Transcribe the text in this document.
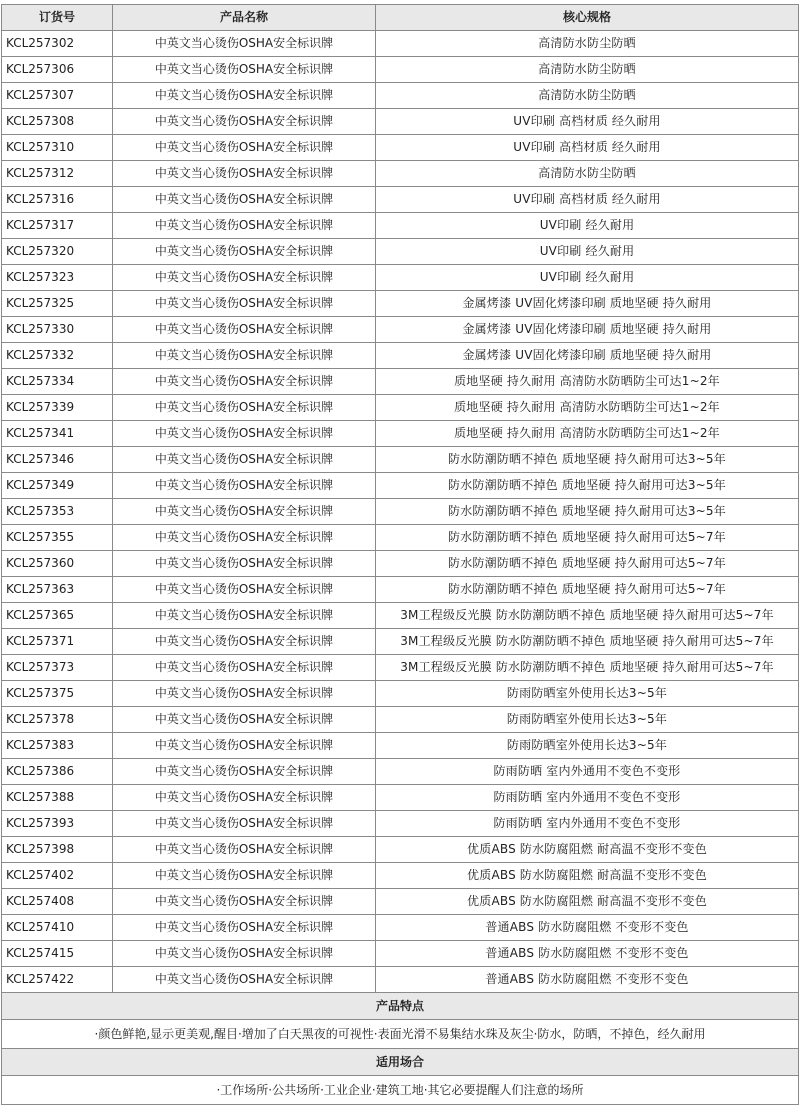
订货号	产品名称	核心规格
KCL257302	中英文当心烫伤OSHA安全标识牌	高清防水防尘防晒
KCL257306	中英文当心烫伤OSHA安全标识牌	高清防水防尘防晒
KCL257307	中英文当心烫伤OSHA安全标识牌	高清防水防尘防晒
KCL257308	中英文当心烫伤OSHA安全标识牌	UV印刷 高档材质 经久耐用
KCL257310	中英文当心烫伤OSHA安全标识牌	UV印刷 高档材质 经久耐用
KCL257312	中英文当心烫伤OSHA安全标识牌	高清防水防尘防晒
KCL257316	中英文当心烫伤OSHA安全标识牌	UV印刷 高档材质 经久耐用
KCL257317	中英文当心烫伤OSHA安全标识牌	UV印刷 经久耐用
KCL257320	中英文当心烫伤OSHA安全标识牌	UV印刷 经久耐用
KCL257323	中英文当心烫伤OSHA安全标识牌	UV印刷 经久耐用
KCL257325	中英文当心烫伤OSHA安全标识牌	金属烤漆 UV固化烤漆印刷 质地坚硬 持久耐用
KCL257330	中英文当心烫伤OSHA安全标识牌	金属烤漆 UV固化烤漆印刷 质地坚硬 持久耐用
KCL257332	中英文当心烫伤OSHA安全标识牌	金属烤漆 UV固化烤漆印刷 质地坚硬 持久耐用
KCL257334	中英文当心烫伤OSHA安全标识牌	质地坚硬 持久耐用 高清防水防晒防尘可达1~2年
KCL257339	中英文当心烫伤OSHA安全标识牌	质地坚硬 持久耐用 高清防水防晒防尘可达1~2年
KCL257341	中英文当心烫伤OSHA安全标识牌	质地坚硬 持久耐用 高清防水防晒防尘可达1~2年
KCL257346	中英文当心烫伤OSHA安全标识牌	防水防潮防晒不掉色 质地坚硬 持久耐用可达3~5年
KCL257349	中英文当心烫伤OSHA安全标识牌	防水防潮防晒不掉色 质地坚硬 持久耐用可达3~5年
KCL257353	中英文当心烫伤OSHA安全标识牌	防水防潮防晒不掉色 质地坚硬 持久耐用可达3~5年
KCL257355	中英文当心烫伤OSHA安全标识牌	防水防潮防晒不掉色 质地坚硬 持久耐用可达5~7年
KCL257360	中英文当心烫伤OSHA安全标识牌	防水防潮防晒不掉色 质地坚硬 持久耐用可达5~7年
KCL257363	中英文当心烫伤OSHA安全标识牌	防水防潮防晒不掉色 质地坚硬 持久耐用可达5~7年
KCL257365	中英文当心烫伤OSHA安全标识牌	3M工程级反光膜 防水防潮防晒不掉色 质地坚硬 持久耐用可达5~7年
KCL257371	中英文当心烫伤OSHA安全标识牌	3M工程级反光膜 防水防潮防晒不掉色 质地坚硬 持久耐用可达5~7年
KCL257373	中英文当心烫伤OSHA安全标识牌	3M工程级反光膜 防水防潮防晒不掉色 质地坚硬 持久耐用可达5~7年
KCL257375	中英文当心烫伤OSHA安全标识牌	防雨防晒室外使用长达3~5年
KCL257378	中英文当心烫伤OSHA安全标识牌	防雨防晒室外使用长达3~5年
KCL257383	中英文当心烫伤OSHA安全标识牌	防雨防晒室外使用长达3~5年
KCL257386	中英文当心烫伤OSHA安全标识牌	防雨防晒 室内外通用不变色不变形
KCL257388	中英文当心烫伤OSHA安全标识牌	防雨防晒 室内外通用不变色不变形
KCL257393	中英文当心烫伤OSHA安全标识牌	防雨防晒 室内外通用不变色不变形
KCL257398	中英文当心烫伤OSHA安全标识牌	优质ABS 防水防腐阻燃 耐高温不变形不变色
KCL257402	中英文当心烫伤OSHA安全标识牌	优质ABS 防水防腐阻燃 耐高温不变形不变色
KCL257408	中英文当心烫伤OSHA安全标识牌	优质ABS 防水防腐阻燃 耐高温不变形不变色
KCL257410	中英文当心烫伤OSHA安全标识牌	普通ABS 防水防腐阻燃 不变形不变色
KCL257415	中英文当心烫伤OSHA安全标识牌	普通ABS 防水防腐阻燃 不变形不变色
KCL257422	中英文当心烫伤OSHA安全标识牌	普通ABS 防水防腐阻燃 不变形不变色
产品特点		
·颜色鲜艳,显示更美观,醒目·增加了白天黑夜的可视性·表面光滑不易集结水珠及灰尘·防水，防晒，不掉色，经久耐用		
适用场合		
·工作场所·公共场所·工业企业·建筑工地·其它必要提醒人们注意的场所		
